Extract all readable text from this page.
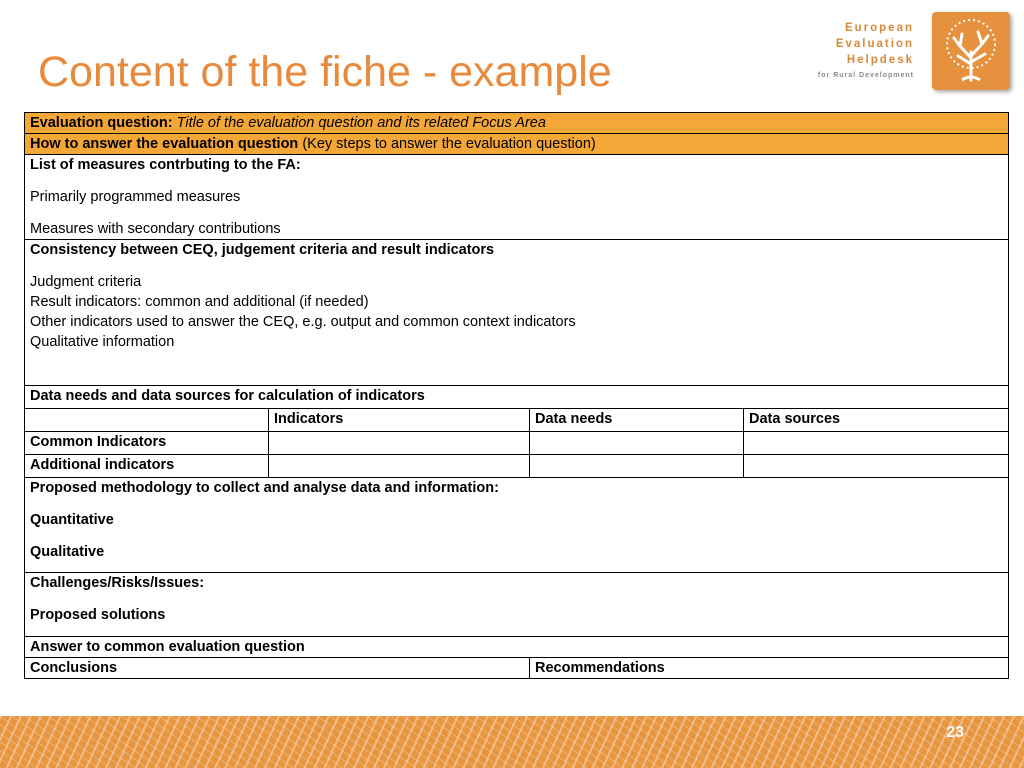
Content of the fiche - example
European
Evaluation
Helpdesk
for Rural Development
Evaluation question: Title of the evaluation question and its related Focus Area			
How to answer the evaluation question (Key steps to answer the evaluation question)			

List of measures contrbuting to the FA:
Primarily programmed measures
Measures with secondary contributions			

Consistency between CEQ, judgement criteria and result indicators
Judgment criteria
Result indicators: common and additional (if needed)
Other indicators used to answer the CEQ, e.g. output and common context indicators
Qualitative information			

Data needs and data sources for calculation of indicators			
	Indicators	Data needs	Data sources
Common Indicators			
Additional indicators			

Proposed methodology to collect and analyse data and information:
Quantitative
Qualitative			

Challenges/Risks/Issues:
Proposed solutions			

Answer to common evaluation question			
Conclusions		Recommendations	
23
